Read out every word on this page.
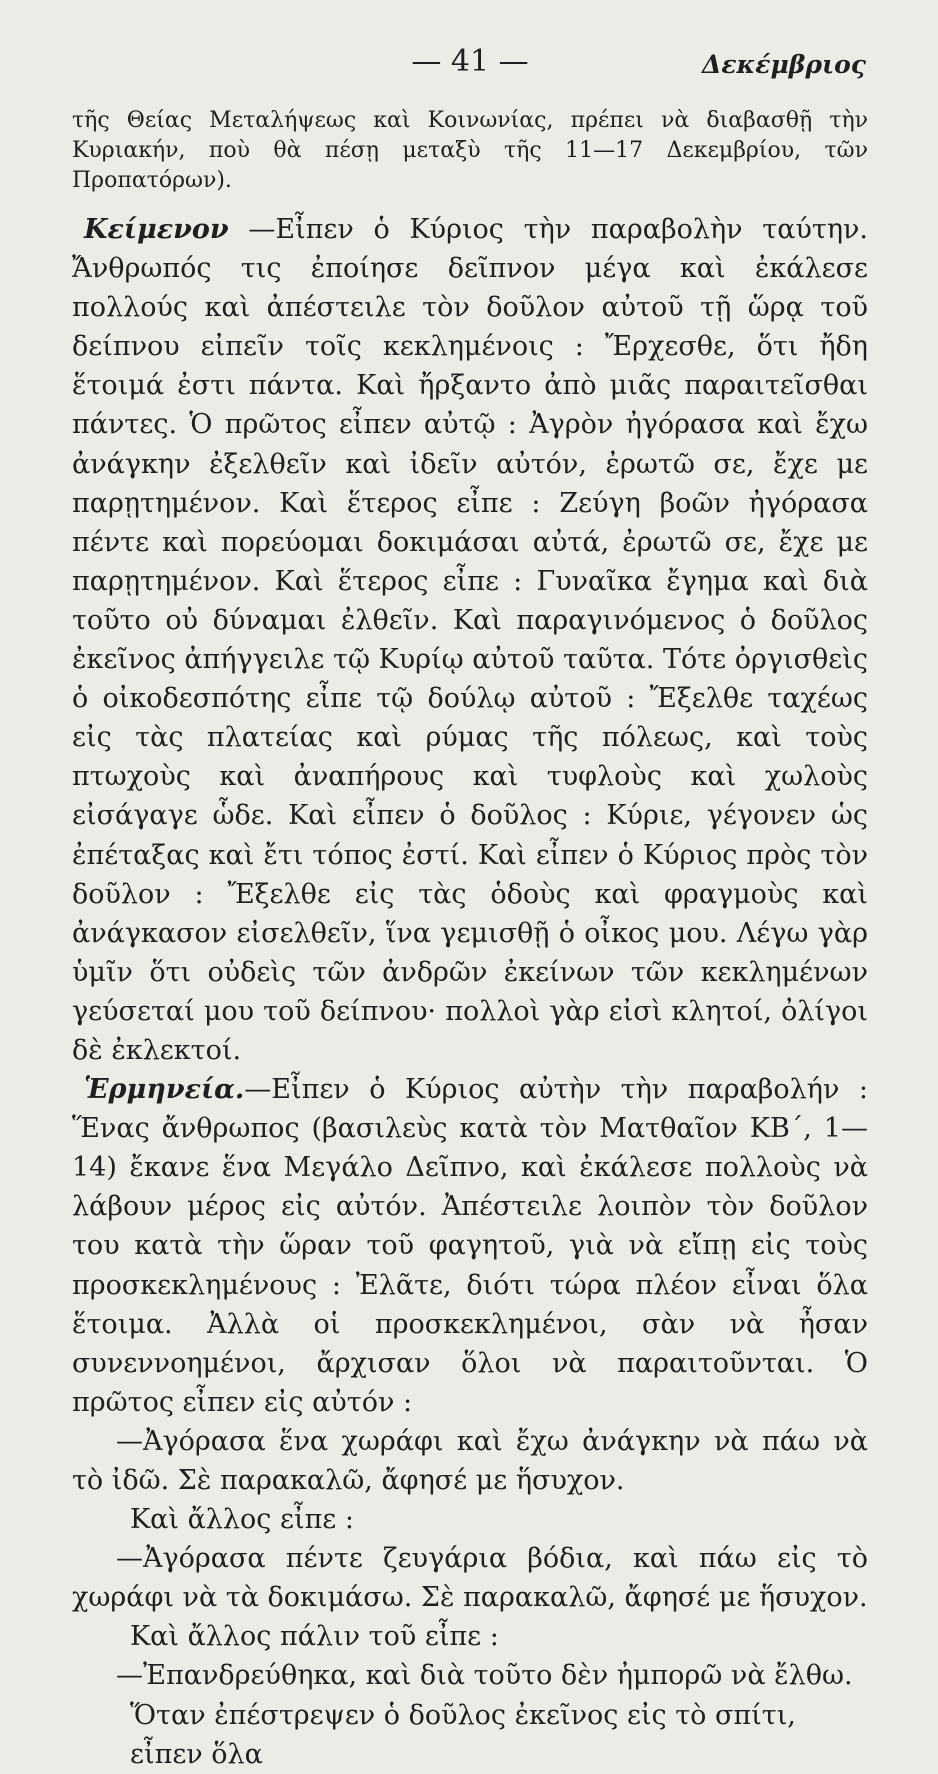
— 41 —	Δεκέμβριος

τῆς Θείας Μεταλήψεως καὶ Κοινωνίας, πρέπει νὰ διαβασθῇ τὴν Κυριακήν, ποὺ θὰ πέσῃ μεταξὺ τῆς 11—17 Δεκεμβρίου, τῶν Προπατόρων).

Κείμενον —Εἶπεν ὁ Κύριος τὴν παραβολὴν ταύτην. Ἄνθρωπός τις ἐποίησε δεῖπνον μέγα καὶ ἐκάλεσε πολλούς καὶ ἀπέστειλε τὸν δοῦλον αὐτοῦ τῇ ὥρᾳ τοῦ δείπνου εἰπεῖν τοῖς κεκλημένοις : Ἔρχεσθε, ὅτι ἤδη ἕτοιμά ἐστι πάντα. Καὶ ἤρξαντο ἀπὸ μιᾶς παραιτεῖσθαι πάντες. Ὁ πρῶτος εἶπεν αὐτῷ : Ἀγρὸν ἠγόρασα καὶ ἔχω ἀνάγκην ἐξελθεῖν καὶ ἰδεῖν αὐτόν, ἐρωτῶ σε, ἔχε με παρῃτημένον. Καὶ ἕτερος εἶπε : Ζεύγη βοῶν ἠγόρασα πέντε καὶ πορεύομαι δοκιμάσαι αὐτά, ἐρωτῶ σε, ἔχε με παρῃτημένον. Καὶ ἕτερος εἶπε : Γυναῖκα ἔγημα καὶ διὰ τοῦτο οὐ δύναμαι ἐλθεῖν. Καὶ παραγινόμενος ὁ δοῦλος ἐκεῖνος ἀπήγγειλε τῷ Κυρίῳ αὐτοῦ ταῦτα. Τότε ὀργισθεὶς ὁ οἰκοδεσπότης εἶπε τῷ δούλῳ αὐτοῦ : Ἔξελθε ταχέως εἰς τὰς πλατείας καὶ ρύμας τῆς πόλεως, καὶ τοὺς πτωχοὺς καὶ ἀναπήρους καὶ τυφλοὺς καὶ χωλοὺς εἰσάγαγε ὧδε. Καὶ εἶπεν ὁ δοῦλος : Κύριε, γέγονεν ὡς ἐπέταξας καὶ ἔτι τόπος ἐστί. Καὶ εἶπεν ὁ Κύριος πρὸς τὸν δοῦλον : Ἔξελθε εἰς τὰς ὁδοὺς καὶ φραγμοὺς καὶ ἀνάγκασον εἰσελθεῖν, ἵνα γεμισθῇ ὁ οἶκος μου. Λέγω γὰρ ὑμῖν ὅτι οὐδεὶς τῶν ἀνδρῶν ἐκείνων τῶν κεκλημένων γεύσεταί μου τοῦ δείπνου· πολλοὶ γὰρ εἰσὶ κλητοί, ὀλίγοι δὲ ἐκλεκτοί.

Ἑρμηνεία.—Εἶπεν ὁ Κύριος αὐτὴν τὴν παραβολήν : Ἕνας ἄνθρωπος (βασιλεὺς κατὰ τὸν Ματθαῖον ΚΒ΄, 1—14) ἔκανε ἕνα Μεγάλο Δεῖπνο, καὶ ἐκάλεσε πολλοὺς νὰ λάβουν μέρος εἰς αὐτόν. Ἀπέστειλε λοιπὸν τὸν δοῦλον του κατὰ τὴν ὥραν τοῦ φαγητοῦ, γιὰ νὰ εἴπῃ εἰς τοὺς προσκεκλημένους : Ἐλᾶτε, διότι τώρα πλέον εἶναι ὅλα ἕτοιμα. Ἀλλὰ οἱ προσκεκλημένοι, σὰν νὰ ἦσαν συνεννοημένοι, ἄρχισαν ὅλοι νὰ παραιτοῦνται. Ὁ πρῶτος εἶπεν εἰς αὐτόν :

—Ἀγόρασα ἕνα χωράφι καὶ ἔχω ἀνάγκην νὰ πάω νὰ τὸ ἰδῶ. Σὲ παρακαλῶ, ἄφησέ με ἥσυχον.

Καὶ ἄλλος εἶπε :

—Ἀγόρασα πέντε ζευγάρια βόδια, καὶ πάω εἰς τὸ χωράφι νὰ τὰ δοκιμάσω. Σὲ παρακαλῶ, ἄφησέ με ἥσυχον.

Καὶ ἄλλος πάλιν τοῦ εἶπε :

—Ἐπανδρεύθηκα, καὶ διὰ τοῦτο δὲν ἠμπορῶ νὰ ἔλθω.

Ὅταν ἐπέστρεψεν ὁ δοῦλος ἐκεῖνος εἰς τὸ σπίτι, εἶπεν ὅλα
